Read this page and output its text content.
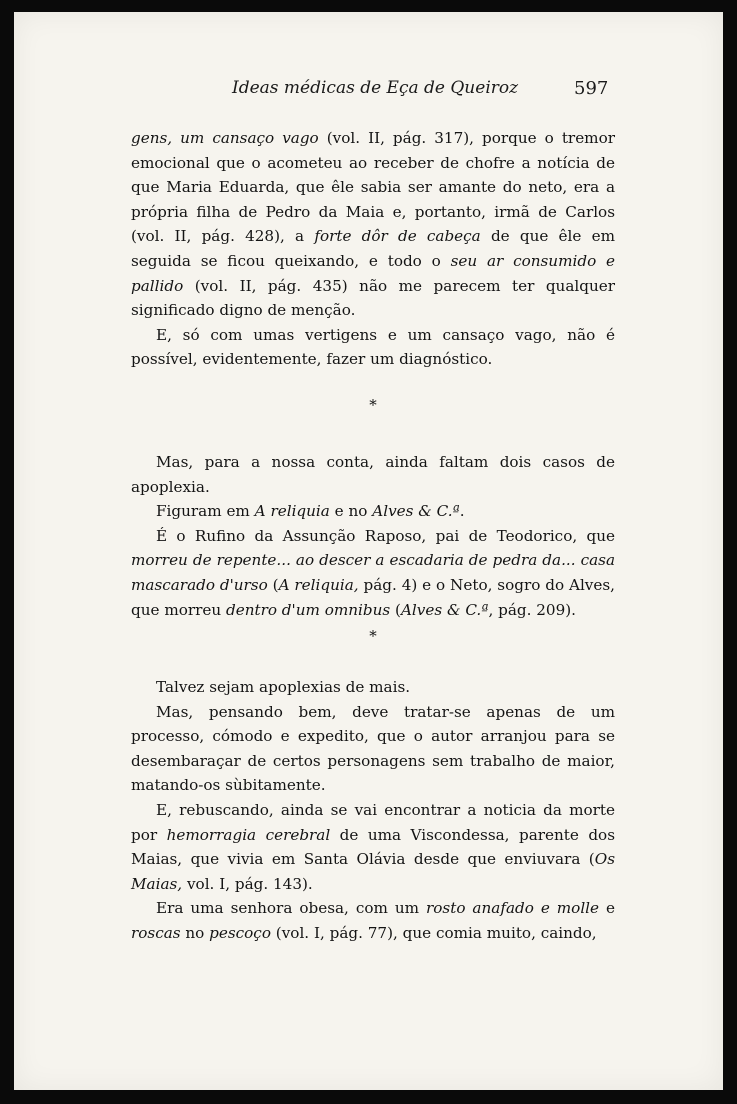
Ideas médicas de Eça de Queiroz	597

gens, um cansaço vago (vol. II, pág. 317), porque o tremor emocional que o acometeu ao receber de chofre a notícia de que Maria Eduarda, que êle sabia ser amante do neto, era a própria filha de Pedro da Maia e, portanto, irmã de Carlos (vol. II, pág. 428), a forte dôr de cabeça de que êle em seguida se ficou queixando, e todo o seu ar consumido e pallido (vol. II, pág. 435) não me parecem ter qualquer significado digno de menção.

E, só com umas vertigens e um cansaço vago, não é possível, evidentemente, fazer um diagnóstico.

*

Mas, para a nossa conta, ainda faltam dois casos de apoplexia.

Figuram em A reliquia e no Alves & C.ª.

É o Rufino da Assunção Raposo, pai de Teodorico, que morreu de repente... ao descer a escadaria de pedra da... casa mascarado d'urso (A reliquia, pág. 4) e o Neto, sogro do Alves, que morreu dentro d'um omnibus (Alves & C.ª, pág. 209).

*

Talvez sejam apoplexias de mais.

Mas, pensando bem, deve tratar-se apenas de um processo, cómodo e expedito, que o autor arranjou para se desembaraçar de certos personagens sem trabalho de maior, matando-os sùbitamente.

E, rebuscando, ainda se vai encontrar a noticia da morte por hemorragia cerebral de uma Viscondessa, parente dos Maias, que vivia em Santa Olávia desde que enviuvara (Os Maias, vol. I, pág. 143).

Era uma senhora obesa, com um rosto anafado e molle e roscas no pescoço (vol. I, pág. 77), que comia muito, caindo,
